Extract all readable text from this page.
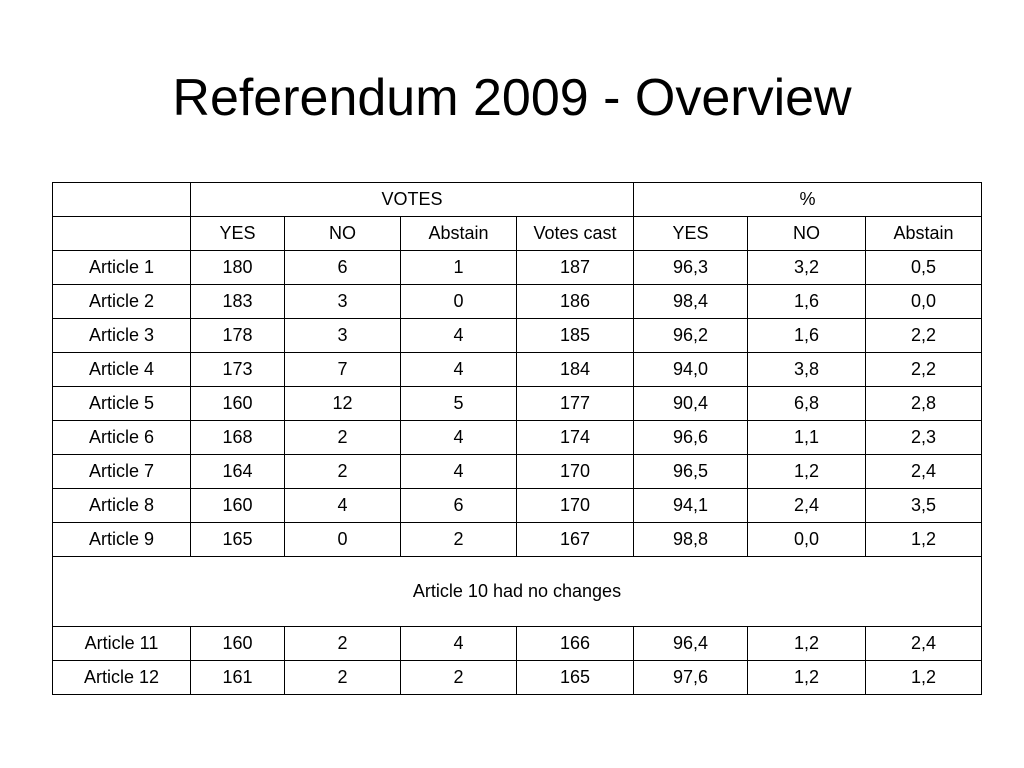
Referendum 2009 - Overview
	VOTES				%		
	YES	NO	Abstain	Votes cast	YES	NO	Abstain
Article 1	180	6	1	187	96,3	3,2	0,5
Article 2	183	3	0	186	98,4	1,6	0,0
Article 3	178	3	4	185	96,2	1,6	2,2
Article 4	173	7	4	184	94,0	3,8	2,2
Article 5	160	12	5	177	90,4	6,8	2,8
Article 6	168	2	4	174	96,6	1,1	2,3
Article 7	164	2	4	170	96,5	1,2	2,4
Article 8	160	4	6	170	94,1	2,4	3,5
Article 9	165	0	2	167	98,8	0,0	1,2
Article 10 had no changes							
Article 11	160	2	4	166	96,4	1,2	2,4
Article 12	161	2	2	165	97,6	1,2	1,2
